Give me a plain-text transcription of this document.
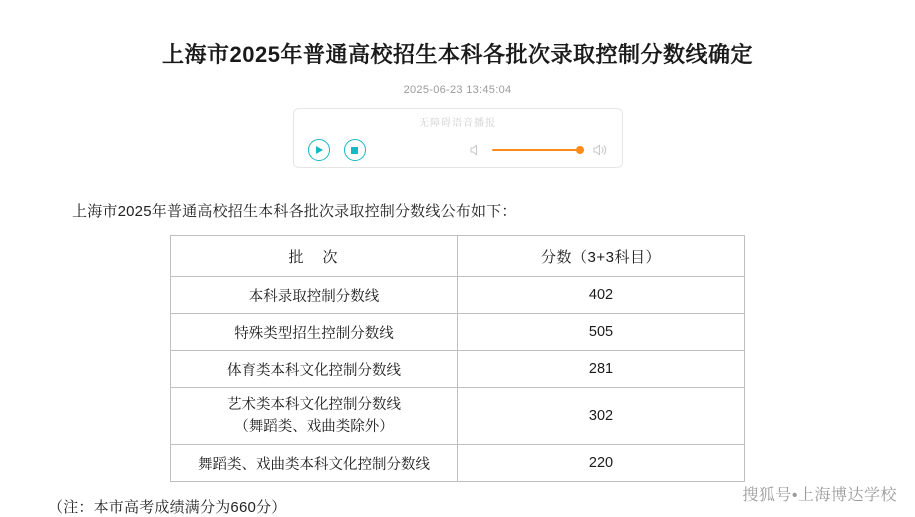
上海市2025年普通高校招生本科各批次录取控制分数线确定
2025-06-23 13:45:04
无障碍语音播报

上海市2025年普通高校招生本科各批次录取控制分数线公布如下：

批　次	分数（3+3科目）
本科录取控制分数线	402
特殊类型招生控制分数线	505
体育类本科文化控制分数线	281

艺术类本科文化控制分数线
（舞蹈类、戏曲类除外）	302
舞蹈类、戏曲类本科文化控制分数线	220

（注：本市高考成绩满分为660分）

搜狐号•上海博达学校
